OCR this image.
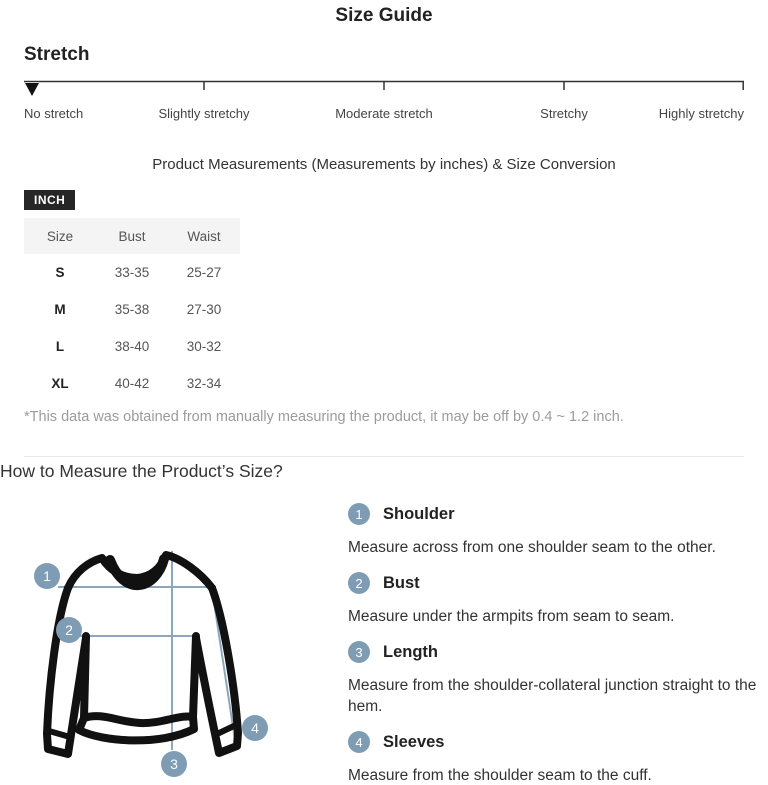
Size Guide
Stretch
No stretch	Slightly stretchy	Moderate stretch	Stretchy	Highly stretchy
Product Measurements (Measurements by inches) & Size Conversion
INCH
Size	Bust	Waist
S	33-35	25-27
M	35-38	27-30
L	38-40	30-32
XL	40-42	32-34
*This data was obtained from manually measuring the product, it may be off by 0.4 ~ 1.2 inch.
How to Measure the Product’s Size?
1
2
3
4
1	Shoulder

Measure across from one shoulder seam to the other.

2	Bust

Measure under the armpits from seam to seam.

3	Length

Measure from the shoulder-collateral junction straight to the hem.

4	Sleeves

Measure from the shoulder seam to the cuff.
